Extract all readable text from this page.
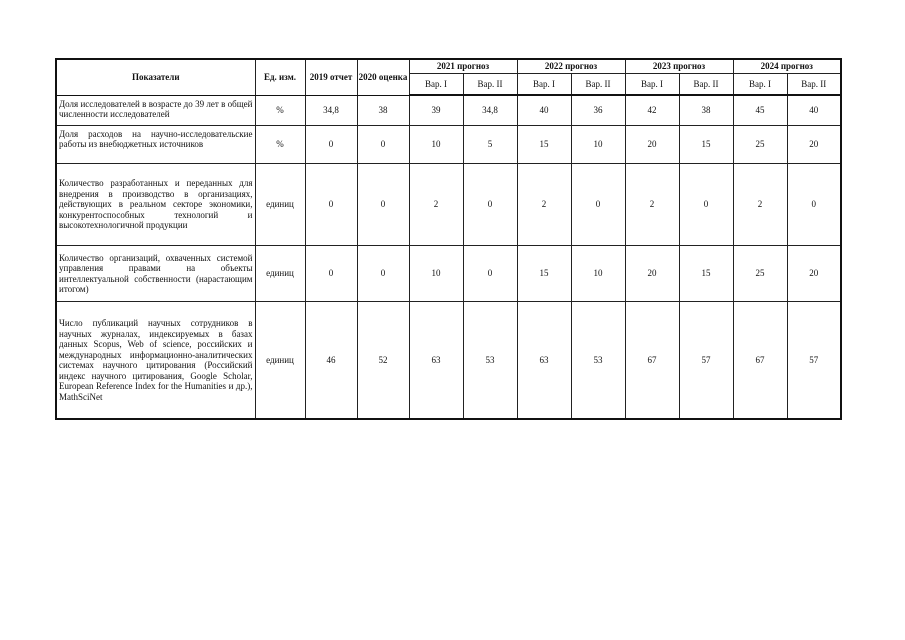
Показатели	Ед. изм.	2019 отчет	2020 оценка	2021 прогноз		2022 прогноз		2023 прогноз		2024 прогноз	
				Вар. I	Вар. II	Вар. I	Вар. II	Вар. I	Вар. II	Вар. I	Вар. II
Доля исследователей в возрасте до 39 лет в общей численности исследователей	%	34,8	38	39	34,8	40	36	42	38	45	40
Доля расходов на научно-исследовательские работы из внебюджетных источников	%	0	0	10	5	15	10	20	15	25	20
Количество разработанных и переданных для внедрения в производство в организациях, действующих в реальном секторе экономики, конкурентоспособных технологий и высокотехнологичной продукции	единиц	0	0	2	0	2	0	2	0	2	0
Количество организаций, охваченных системой управления правами на объекты интеллектуальной собственности (нарастающим итогом)	единиц	0	0	10	0	15	10	20	15	25	20
Число публикаций научных сотрудников в научных журналах, индексируемых в базах данных Scopus, Web of science, российских и международных информационно-аналитических системах научного цитирования (Российский индекс научного цитирования, Google Scholar, European Reference Index for the Humanities и др.), MathSciNet	единиц	46	52	63	53	63	53	67	57	67	57
